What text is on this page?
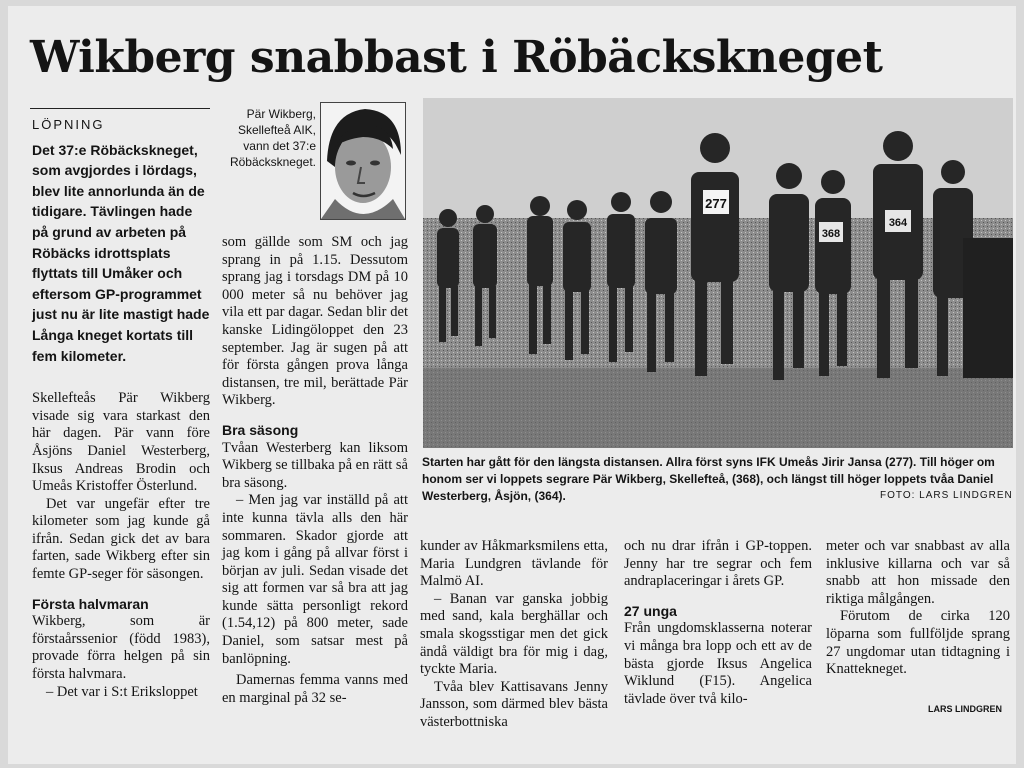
Wikberg snabbast i Röbäckskneget

LÖPNING

Det 37:e Röbäckskneget, som avgjordes i lördags, blev lite annorlunda än de tidigare. Tävlingen hade på grund av arbeten på Röbäcks idrottsplats flyttats till Umåker och eftersom GP-programmet just nu är lite mastigt hade Långa kneget kortats till fem kilometer.

Skellefteås Pär Wikberg visade sig vara starkast den här dagen. Pär vann före Åsjöns Daniel Westerberg, Iksus Andreas Brodin och Umeås Kristoffer Österlund.

Det var ungefär efter tre kilometer som jag kunde gå ifrån. Sedan gick det av bara farten, sade Wikberg efter sin femte GP-seger för säsongen.

Första halvmaran

Wikberg, som är förstaårssenior (född 1983), provade förra helgen på sin första halvmara.

– Det var i S:t Eriksloppet

Pär Wikberg, Skellefteå AIK, vann det 37:e Röbäckskneget.

som gällde som SM och jag sprang in på 1.15. Dessutom sprang jag i torsdags DM på 10 000 meter så nu behöver jag vila ett par dagar. Sedan blir det kanske Lidingöloppet den 23 september. Jag är sugen på att för första gången prova långa distansen, tre mil, berättade Pär Wikberg.

Bra säsong

Tvåan Westerberg kan liksom Wikberg se tillbaka på en rätt så bra säsong.

– Men jag var inställd på att inte kunna tävla alls den här sommaren. Skador gjorde att jag kom i gång på allvar först i början av juli. Sedan visade det sig att formen var så bra att jag kunde sätta personligt rekord (1.54,12) på 800 meter, sade Daniel, som satsar mest på banlöpning.

Damernas femma vanns med en marginal på 32 se-

277
368
364
Starten har gått för den längsta distansen. Allra först syns IFK Umeås Jirir Jansa (277). Till höger om honom ser vi loppets segrare Pär Wikberg, Skellefteå, (368), och längst till höger loppets tvåa Daniel Westerberg, Åsjön, (364).	FOTO: LARS LINDGREN

kunder av Håkmarksmilens etta, Maria Lundgren tävlande för Malmö AI.

– Banan var ganska jobbig med sand, kala berghällar och smala skogsstigar men det gick ändå väldigt bra för mig i dag, tyckte Maria.

Tvåa blev Kattisavans Jenny Jansson, som därmed blev bästa västerbottniska

och nu drar ifrån i GP-toppen. Jenny har tre segrar och fem andraplaceringar i årets GP.

27 unga

Från ungdomsklasserna noterar vi många bra lopp och ett av de bästa gjorde Iksus Angelica Wiklund (F15). Angelica tävlade över två kilo-

meter och var snabbast av alla inklusive killarna och var så snabb att hon missade den riktiga målgången.

Förutom de cirka 120 löparna som fullföljde sprang 27 ungdomar utan tidtagning i Knattekneget.

LARS LINDGREN
